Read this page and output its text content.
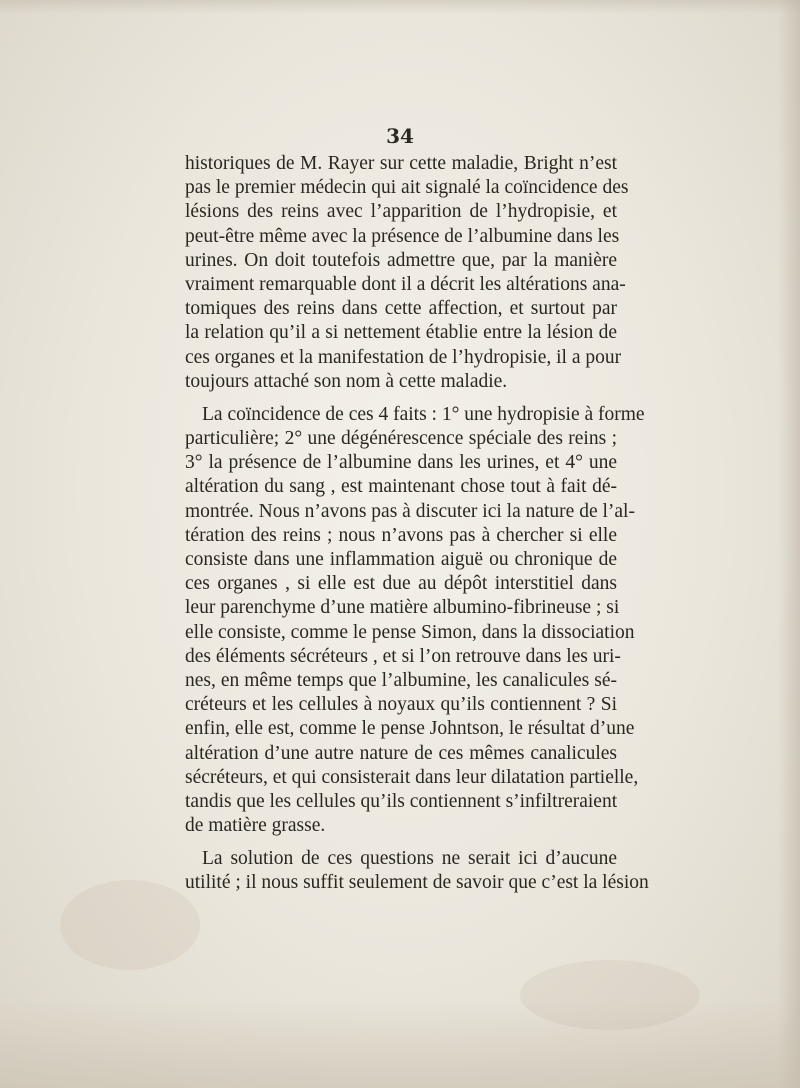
34

historiques de M. Rayer sur cette maladie, Bright n’est
pas le premier médecin qui ait signalé la coïncidence des
lésions des reins avec l’apparition de l’hydropisie, et
peut-être même avec la présence de l’albumine dans les
urines. On doit toutefois admettre que, par la manière
vraiment remarquable dont il a décrit les altérations ana-
tomiques des reins dans cette affection, et surtout par
la relation qu’il a si nettement établie entre la lésion de
ces organes et la manifestation de l’hydropisie, il a pour
toujours attaché son nom à cette maladie.
La coïncidence de ces 4 faits : 1° une hydropisie à forme
particulière; 2° une dégénérescence spéciale des reins ;
3° la présence de l’albumine dans les urines, et 4° une
altération du sang , est maintenant chose tout à fait dé-
montrée. Nous n’avons pas à discuter ici la nature de l’al-
tération des reins ; nous n’avons pas à chercher si elle
consiste dans une inflammation aiguë ou chronique de
ces organes , si elle est due au dépôt interstitiel dans
leur parenchyme d’une matière albumino-fibrineuse ; si
elle consiste, comme le pense Simon, dans la dissociation
des éléments sécréteurs , et si l’on retrouve dans les uri-
nes, en même temps que l’albumine, les canalicules sé-
créteurs et les cellules à noyaux qu’ils contiennent ? Si
enfin, elle est, comme le pense Johntson, le résultat d’une
altération d’une autre nature de ces mêmes canalicules
sécréteurs, et qui consisterait dans leur dilatation partielle,
tandis que les cellules qu’ils contiennent s’infiltreraient
de matière grasse.
La solution de ces questions ne serait ici d’aucune
utilité ; il nous suffit seulement de savoir que c’est la lésion
